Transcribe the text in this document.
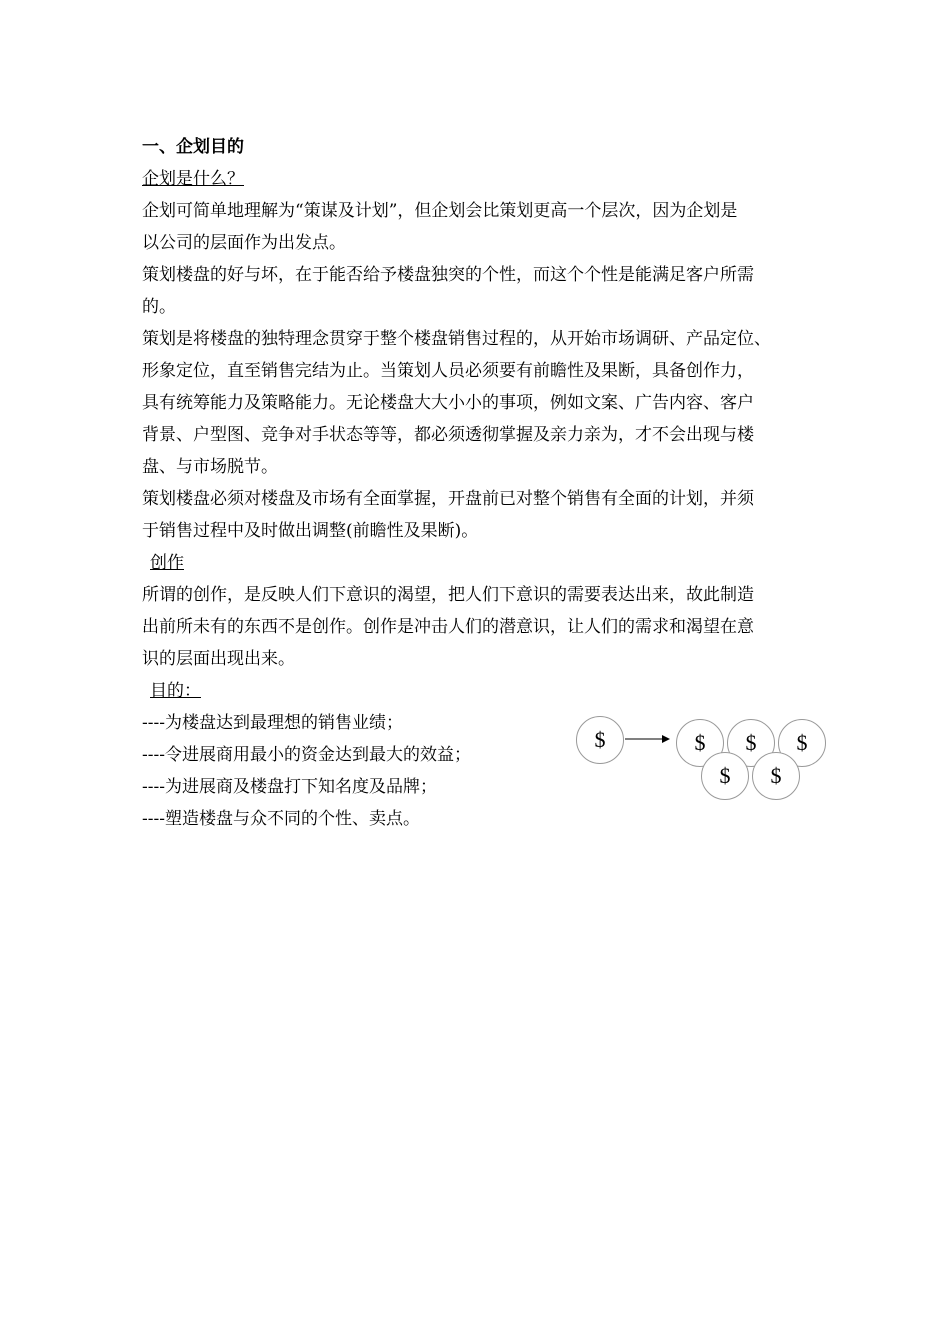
一、企划目的
企划是什么？
企划可简单地理解为“策谋及计划”，但企划会比策划更高一个层次，因为企划是
以公司的层面作为出发点。
策划楼盘的好与坏，在于能否给予楼盘独突的个性，而这个个性是能满足客户所需
的。
策划是将楼盘的独特理念贯穿于整个楼盘销售过程的，从开始市场调研、产品定位、
形象定位，直至销售完结为止。当策划人员必须要有前瞻性及果断，具备创作力，
具有统筹能力及策略能力。无论楼盘大大小小的事项，例如文案、广告内容、客户
背景、户型图、竞争对手状态等等，都必须透彻掌握及亲力亲为，才不会出现与楼
盘、与市场脱节。
策划楼盘必须对楼盘及市场有全面掌握，开盘前已对整个销售有全面的计划，并须
于销售过程中及时做出调整(前瞻性及果断)。
创作
所谓的创作，是反映人们下意识的渴望，把人们下意识的需要表达出来，故此制造
出前所未有的东西不是创作。创作是冲击人们的潜意识，让人们的需求和渴望在意
识的层面出现出来。
目的：
----为楼盘达到最理想的销售业绩；
----令进展商用最小的资金达到最大的效益；
----为进展商及楼盘打下知名度及品牌；
----塑造楼盘与众不同的个性、卖点。
$	$	$	$
$	$
